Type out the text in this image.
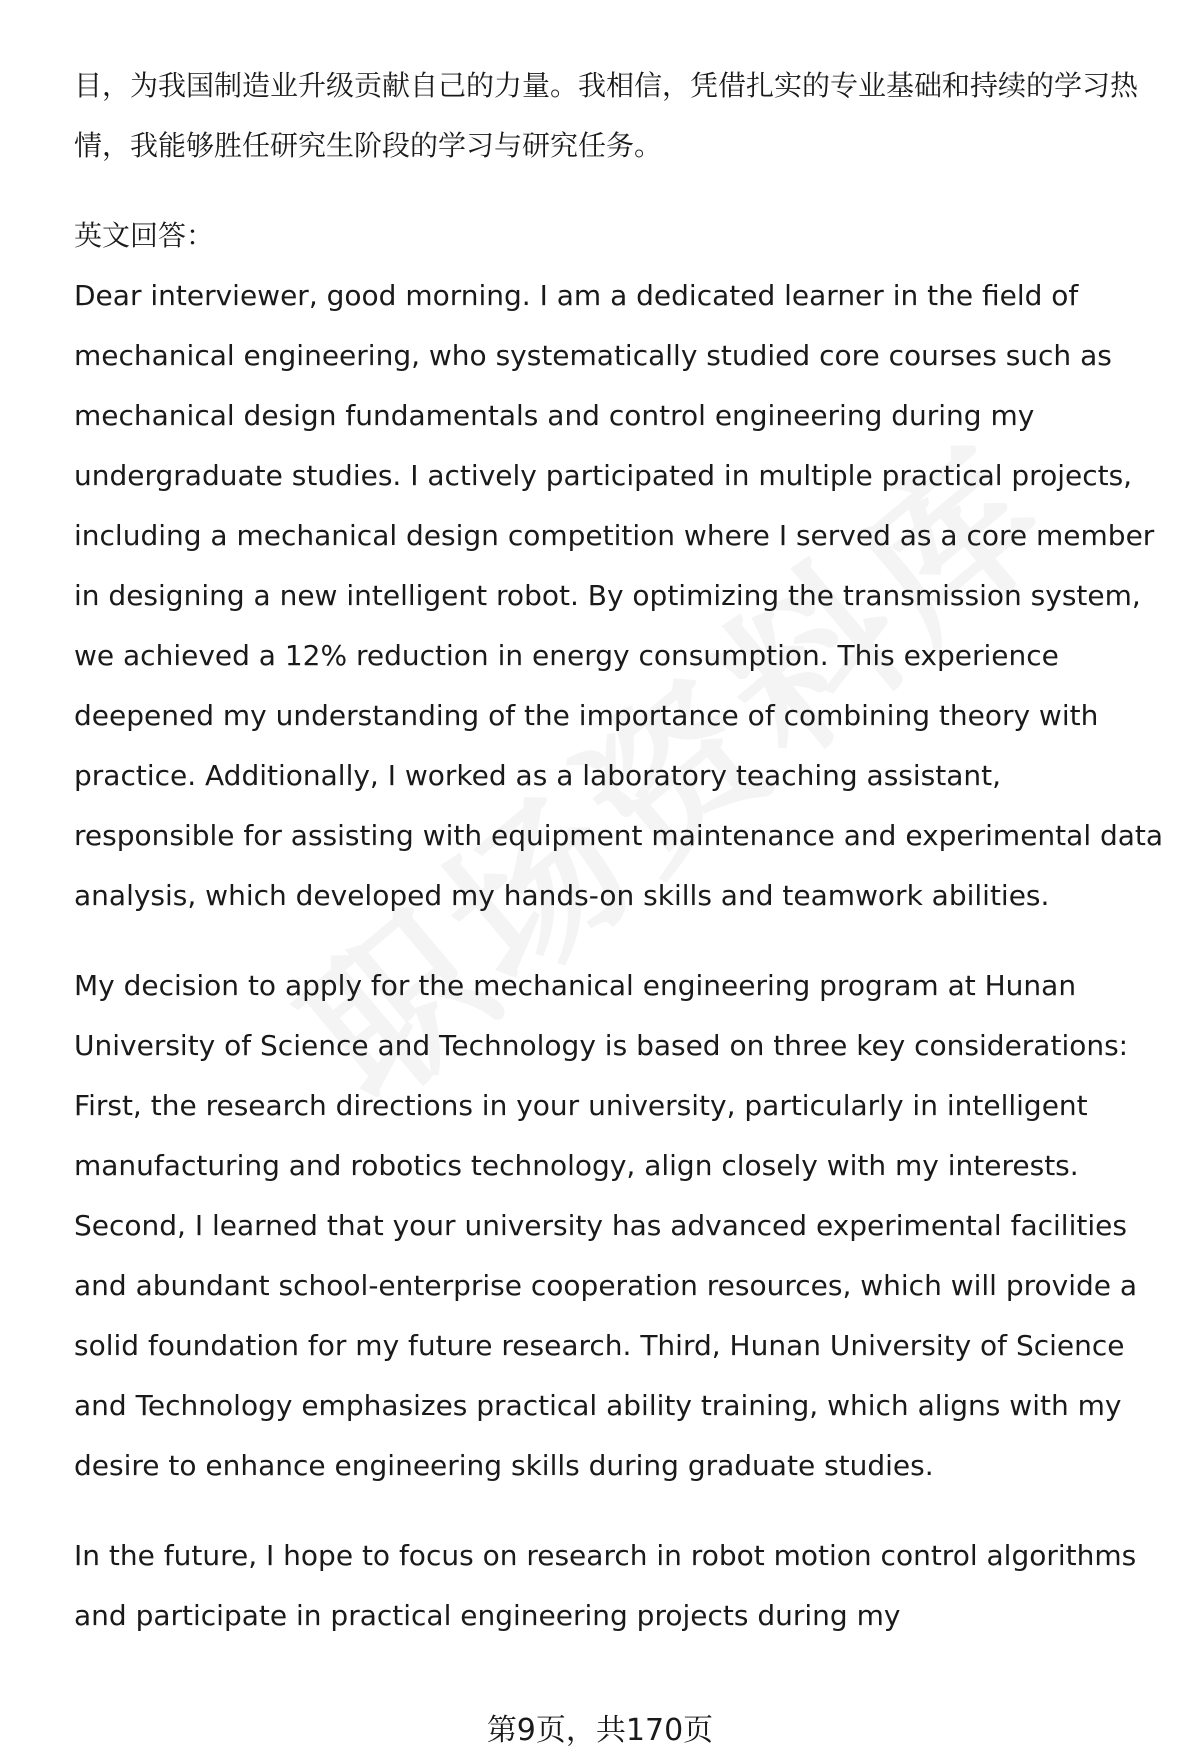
目，为我国制造业升级贡献自己的力量。我相信，凭借扎实的专业基础和持续的学习热情，我能够胜任研究生阶段的学习与研究任务。

英文回答：

Dear interviewer, good morning. I am a dedicated learner in the field of mechanical engineering, who systematically studied core courses such as mechanical design fundamentals and control engineering during my undergraduate studies. I actively participated in multiple practical projects, including a mechanical design competition where I served as a core member in designing a new intelligent robot. By optimizing the transmission system, we achieved a 12% reduction in energy consumption. This experience deepened my understanding of the importance of combining theory with practice. Additionally, I worked as a laboratory teaching assistant, responsible for assisting with equipment maintenance and experimental data analysis, which developed my hands-on skills and teamwork abilities.

My decision to apply for the mechanical engineering program at Hunan University of Science and Technology is based on three key considerations: First, the research directions in your university, particularly in intelligent manufacturing and robotics technology, align closely with my interests. Second, I learned that your university has advanced experimental facilities and abundant school-enterprise cooperation resources, which will provide a solid foundation for my future research. Third, Hunan University of Science and Technology emphasizes practical ability training, which aligns with my desire to enhance engineering skills during graduate studies.

In the future, I hope to focus on research in robot motion control algorithms and participate in practical engineering projects during my

第9页，共170页
